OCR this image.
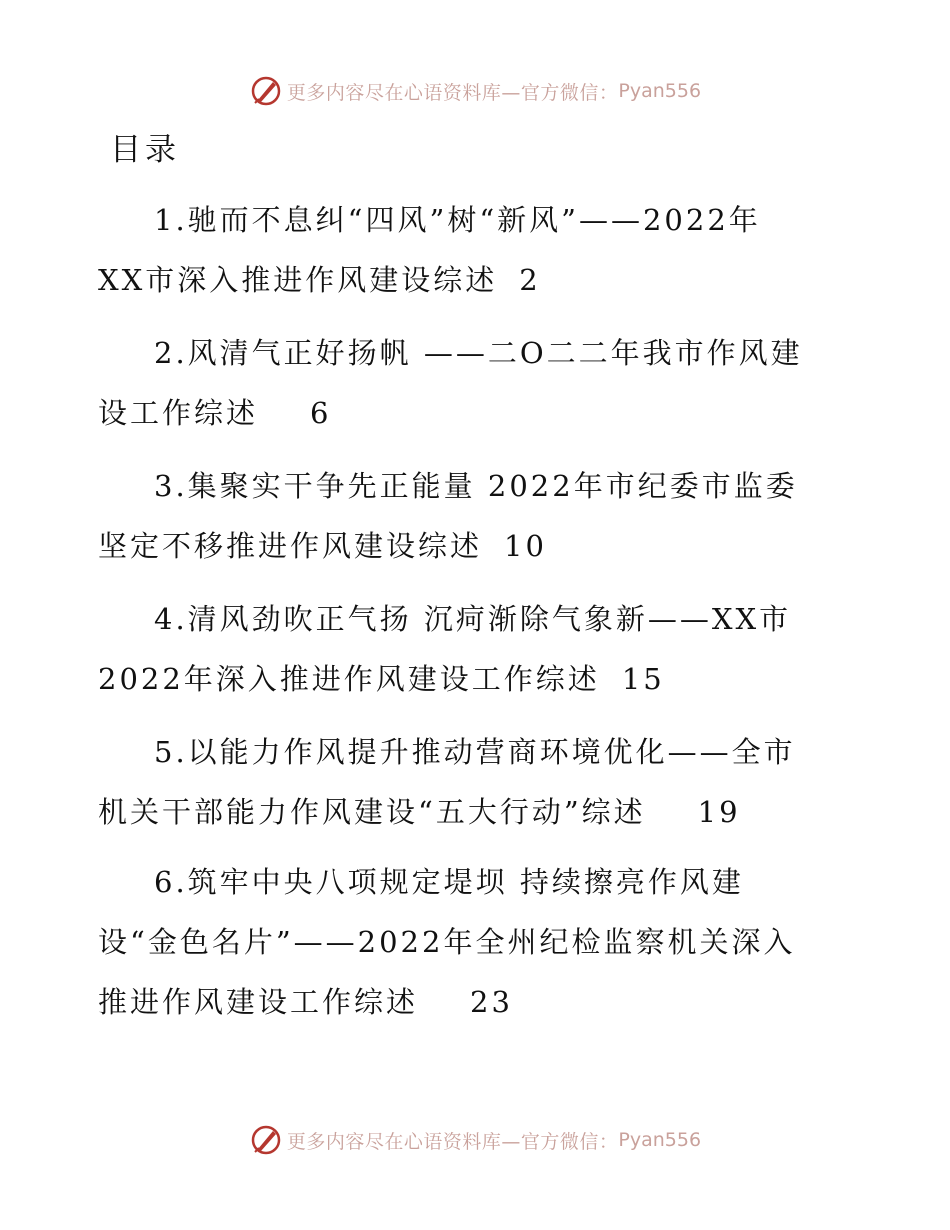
更多内容尽在心语资料库—官方微信： Pyan556
目录
1.驰而不息纠“四风”树“新风”——2022年
XX市深入推进作风建设综述 2
2.风清气正好扬帆 ——二O二二年我市作风建
设工作综述 6
3.集聚实干争先正能量 2022年市纪委市监委
坚定不移推进作风建设综述 10
4.清风劲吹正气扬 沉疴渐除气象新——XX市
2022年深入推进作风建设工作综述 15
5.以能力作风提升推动营商环境优化——全市
机关干部能力作风建设“五大行动”综述 19
6.筑牢中央八项规定堤坝 持续擦亮作风建
设“金色名片”——2022年全州纪检监察机关深入
推进作风建设工作综述 23
更多内容尽在心语资料库—官方微信： Pyan556
